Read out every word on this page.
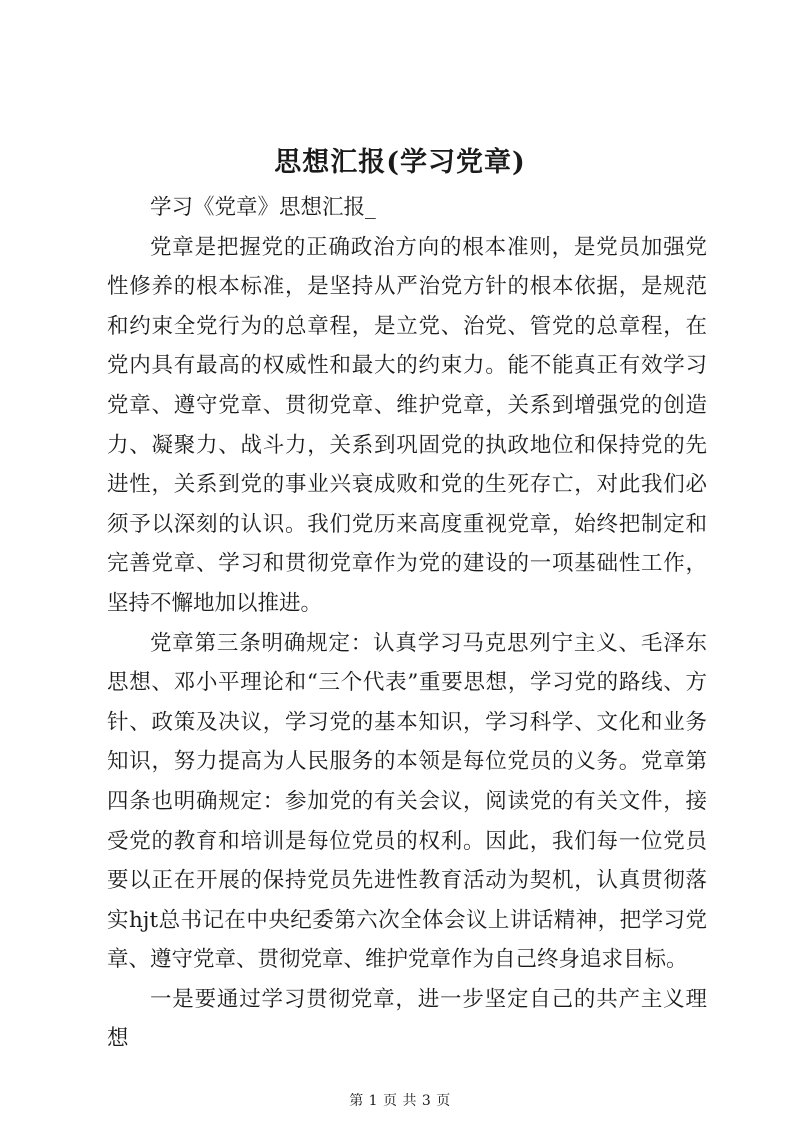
思想汇报(学习党章)

学习《党章》思想汇报_

党章是把握党的正确政治方向的根本准则，是党员加强党性修养的根本标准，是坚持从严治党方针的根本依据，是规范和约束全党行为的总章程，是立党、治党、管党的总章程，在党内具有最高的权威性和最大的约束力。能不能真正有效学习党章、遵守党章、贯彻党章、维护党章，关系到增强党的创造力、凝聚力、战斗力，关系到巩固党的执政地位和保持党的先进性，关系到党的事业兴衰成败和党的生死存亡，对此我们必须予以深刻的认识。我们党历来高度重视党章，始终把制定和完善党章、学习和贯彻党章作为党的建设的一项基础性工作，坚持不懈地加以推进。

党章第三条明确规定：认真学习马克思列宁主义、毛泽东思想、邓小平理论和“三个代表”重要思想，学习党的路线、方针、政策及决议，学习党的基本知识，学习科学、文化和业务知识，努力提高为人民服务的本领是每位党员的义务。党章第四条也明确规定：参加党的有关会议，阅读党的有关文件，接受党的教育和培训是每位党员的权利。因此，我们每一位党员要以正在开展的保持党员先进性教育活动为契机，认真贯彻落实hjt总书记在中央纪委第六次全体会议上讲话精神，把学习党章、遵守党章、贯彻党章、维护党章作为自己终身追求目标。

一是要通过学习贯彻党章，进一步坚定自己的共产主义理想

第 1 页 共 3 页
